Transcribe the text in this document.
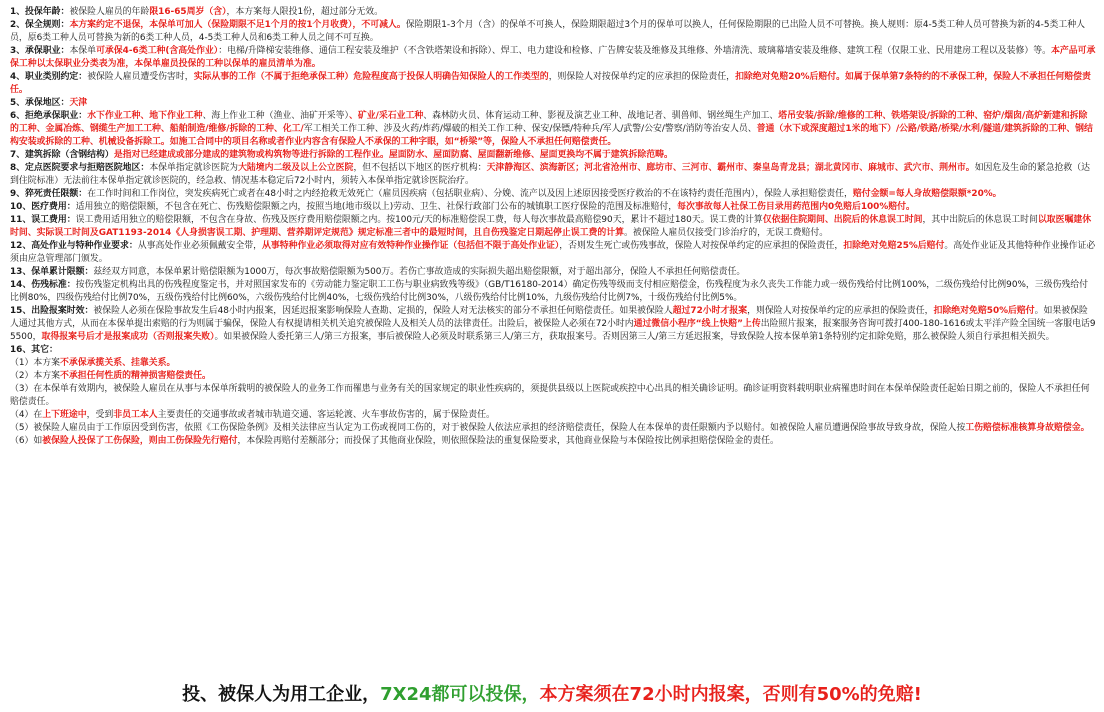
1、投保年龄：被保险人雇员的年龄限16-65周岁（含），本方案每人限投1份，超过部分无效。
2、保全规则：本方案约定不退保，本保单可加人（保险期限不足1个月的按1个月收费），不可减人。保险期限1-3个月（含）的保单不可换人，保险期限超过3个月的保单可以换人，任何保险期限的已出险人员不可替换。换人规则：原4-5类工种人员可替换为新的4-5类工种人员，原6类工种人员可替换为新的6类工种人员，4-5类工种人员和6类工种人员之间不可互换。
3、承保职业：本保单可承保4-6类工种(含高处作业）：电梯/升降梯安装维修、通信工程安装及维护（不含铁塔架设和拆除）、焊工、电力建设和检修、广告牌安装及维修及其维修、外墙清洗、玻璃幕墙安装及维修、建筑工程（仅限工业、民用建房工程以及装修）等。本产品可承保工种以太保职业分类表为准，本保单雇员投保的工种以保单的雇员清单为准。
4、职业类别约定：被保险人雇员遭受伤害时，实际从事的工作（不属于拒绝承保工种）危险程度高于投保人明确告知保险人的工作类型的，则保险人对按保单约定的应承担的保险责任，扣除绝对免赔20%后赔付。如属于保单第7条特约的不承保工种，保险人不承担任何赔偿责任。
5、承保地区：天津
6、拒绝承保职业：水下作业工种、地下作业工种、海上作业工种（渔业、油矿开采等）、矿业/采石业工种、森林防火员、体育运动工种、影视及演艺业工种、战地记者、驯兽师、钢丝绳生产加工、塔吊安装/拆除/维修的工种、铁塔架设/拆除的工种、窑炉/烟囱/高炉新建和拆除的工种、金属冶炼、钢缆生产加工工种、船舶制造/维修/拆除的工种、化工/军工相关工作工种、涉及火药/炸药/爆破的相关工作工种、保安/保镖/特种兵/军人/武警/公安/警察/消防等治安人员、普通（水下或深度超过1米的地下）/公路/铁路/桥梁/水利/隧道/建筑拆除的工种、钢结构安装或拆除的工种、机械设备拆除工。如施工合同中的项目名称或者作业内容含有保险人不承保的工种字眼，如“桥梁”等，保险人不承担任何赔偿责任。
7、建筑拆除（含钢结构）是指对已经建成或部分建成的建筑物或构筑物等进行拆除的工程作业。屋面防水、屋面防腐、屋面翻新维修、屋面更换均不属于建筑拆除范畴。
8、定点医院要求与拒赔医院地区：本保单指定就诊医院为大陆境内二级及以上公立医院，但不包括以下地区的医疗机构：天津静海区、滨海新区；河北省沧州市、廊坊市、三河市、霸州市、秦皇岛青龙县；湖北黄冈市、麻城市、武穴市、荆州市。如因危及生命的紧急抢救（达到住院标准）无法前往本保单指定就诊医院的，经急救、情况基本稳定后72小时内，须转入本保单指定就诊医院治疗。
9、猝死责任限额：在工作时间和工作岗位，突发疾病死亡或者在48小时之内经抢救无效死亡（雇员因疾病（包括职业病）、分娩、流产以及因上述原因接受医疗救治的不在该特约责任范围内），保险人承担赔偿责任，赔付金额=每人身故赔偿限额*20%。
10、医疗费用：适用独立的赔偿限额，不包含在死亡、伤残赔偿限额之内，按照当地(地市级以上)劳动、卫生、社保行政部门公布的城镇职工医疗保险的范围及标准赔付，每次事故每人社保工伤目录用药范围内0免赔后100%赔付。
11、误工费用：误工费用适用独立的赔偿限额，不包含在身故、伤残及医疗费用赔偿限额之内。按100元/天的标准赔偿误工费，每人每次事故最高赔偿90天，累计不超过180天。误工费的计算仅依据住院期间、出院后的休息误工时间，其中出院后的休息误工时间以取医嘱建休时间、实际误工时间及GAT1193-2014《人身损害误工期、护理期、营养期评定规范》规定标准三者中的最短时间，且自伤残鉴定日期起停止误工费的计算。被保险人雇员仅接受门诊治疗的，无误工费赔付。
12、高处作业与特种作业要求：从事高处作业必须佩戴安全带，从事特种作业必须取得对应有效特种作业操作证（包括但不限于高处作业证），否则发生死亡或伤残事故，保险人对按保单约定的应承担的保险责任，扣除绝对免赔25%后赔付。高处作业证及其他特种作业操作证必须由应急管理部门颁发。
13、保单累计限额：兹经双方同意，本保单累计赔偿限额为1000万，每次事故赔偿限额为500万。若伤亡事故造成的实际损失超出赔偿限额，对于超出部分，保险人不承担任何赔偿责任。
14、伤残标准：按伤残鉴定机构出具的伤残程度鉴定书，并对照国家发布的《劳动能力鉴定职工工伤与职业病致残等级》（GB/T16180-2014）确定伤残等级而支付相应赔偿金，伤残程度为永久丧失工作能力或一级伤残给付比例100%，二级伤残给付比例90%，三级伤残给付比例80%，四级伤残给付比例70%，五级伤残给付比例60%，六级伤残给付比例40%，七级伤残给付比例30%，八级伤残给付比例10%，九级伤残给付比例7%，十级伤残给付比例5%。
15、出险报案时效：被保险人必须在保险事故发生后48小时内报案，因延迟报案影响保险人查勘、定损的，保险人对无法核实的部分不承担任何赔偿责任。如果被保险人超过72小时才报案，则保险人对按保单约定的应承担的保险责任，扣除绝对免赔50%后赔付。如果被保险人通过其他方式，从而在本保单提出索赔的行为则属于骗保，保险人有权提请相关机关追究被保险人及相关人员的法律责任。出险后，被保险人必须在72小时内通过微信小程序“线上快赔”上传出险照片报案，报案服务咨询可拨打400-180-1616或太平洋产险全国统一客服电话95500，取得报案号后才是报案成功（否则报案失败）。如果被保险人委托第三人/第三方报案，事后被保险人必须及时联系第三人/第三方，获取报案号。否则因第三人/第三方延迟报案，导致保险人按本保单第1条特别约定扣除免赔，那么被保险人须自行承担相关损失。
16、其它：
（1）本方案不承保承揽关系、挂靠关系。
（2）本方案不承担任何性质的精神损害赔偿责任。
（3）在本保单有效期内，被保险人雇员在从事与本保单所载明的被保险人的业务工作而罹患与业务有关的国家规定的职业性疾病的，须提供县级以上医院或疾控中心出具的相关确诊证明。确诊证明资料载明职业病罹患时间在本保单保险责任起始日期之前的，保险人不承担任何赔偿责任。
（4）在上下班途中，受到非员工本人主要责任的交通事故或者城市轨道交通、客运轮渡、火车事故伤害的，属于保险责任。
（5）被保险人雇员由于工作原因受到伤害，依照《工伤保险条例》及相关法律应当认定为工伤或视同工伤的，对于被保险人依法应承担的经济赔偿责任，保险人在本保单的责任限额内予以赔付。如被保险人雇员遭遇保险事故导致身故，保险人按工伤赔偿标准核算身故赔偿金。
（6）如被保险人投保了工伤保险，则由工伤保险先行赔付，本保险再赔付差额部分；而投保了其他商业保险，则依照保险法的重复保险要求，其他商业保险与本保险按比例承担赔偿保险金的责任。
投、被保人为用工企业，7X24都可以投保，本方案须在72小时内报案，否则有50%的免赔!
